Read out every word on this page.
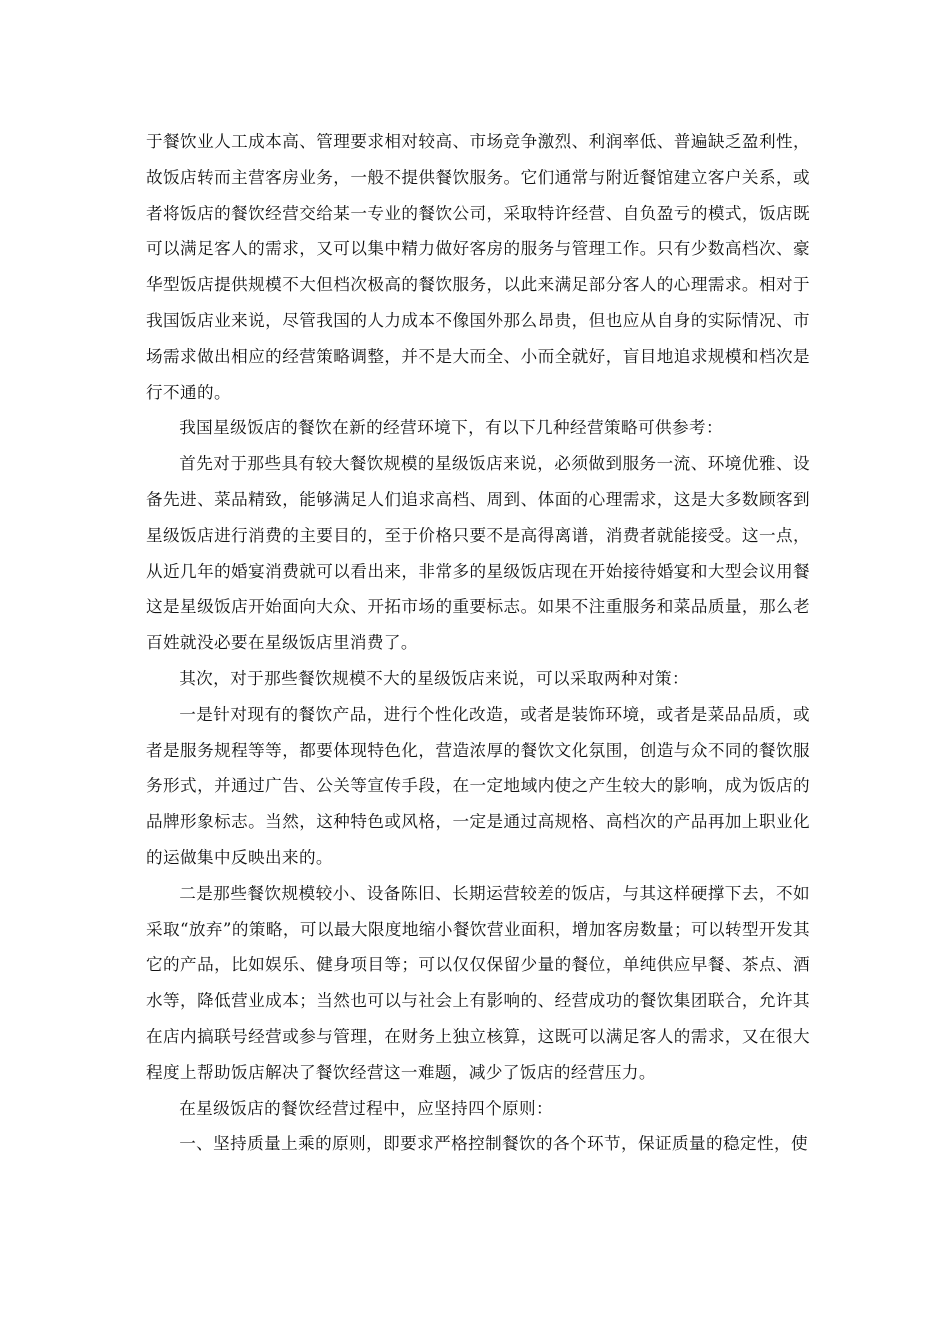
于餐饮业人工成本高、管理要求相对较高、市场竞争激烈、利润率低、普遍缺乏盈利性，故饭店转而主营客房业务，一般不提供餐饮服务。它们通常与附近餐馆建立客户关系，或者将饭店的餐饮经营交给某一专业的餐饮公司，采取特许经营、自负盈亏的模式，饭店既可以满足客人的需求，又可以集中精力做好客房的服务与管理工作。只有少数高档次、豪华型饭店提供规模不大但档次极高的餐饮服务，以此来满足部分客人的心理需求。相对于我国饭店业来说，尽管我国的人力成本不像国外那么昂贵，但也应从自身的实际情况、市场需求做出相应的经营策略调整，并不是大而全、小而全就好，盲目地追求规模和档次是行不通的。

我国星级饭店的餐饮在新的经营环境下，有以下几种经营策略可供参考：

首先对于那些具有较大餐饮规模的星级饭店来说，必须做到服务一流、环境优雅、设备先进、菜品精致，能够满足人们追求高档、周到、体面的心理需求，这是大多数顾客到星级饭店进行消费的主要目的，至于价格只要不是高得离谱，消费者就能接受。这一点，从近几年的婚宴消费就可以看出来，非常多的星级饭店现在开始接待婚宴和大型会议用餐这是星级饭店开始面向大众、开拓市场的重要标志。如果不注重服务和菜品质量，那么老百姓就没必要在星级饭店里消费了。

其次，对于那些餐饮规模不大的星级饭店来说，可以采取两种对策：

一是针对现有的餐饮产品，进行个性化改造，或者是装饰环境，或者是菜品品质，或者是服务规程等等，都要体现特色化，营造浓厚的餐饮文化氛围，创造与众不同的餐饮服务形式，并通过广告、公关等宣传手段，在一定地域内使之产生较大的影响，成为饭店的品牌形象标志。当然，这种特色或风格，一定是通过高规格、高档次的产品再加上职业化的运做集中反映出来的。

二是那些餐饮规模较小、设备陈旧、长期运营较差的饭店，与其这样硬撑下去，不如采取“放弃”的策略，可以最大限度地缩小餐饮营业面积，增加客房数量；可以转型开发其它的产品，比如娱乐、健身项目等；可以仅仅保留少量的餐位，单纯供应早餐、茶点、酒水等，降低营业成本；当然也可以与社会上有影响的、经营成功的餐饮集团联合，允许其在店内搞联号经营或参与管理，在财务上独立核算，这既可以满足客人的需求，又在很大程度上帮助饭店解决了餐饮经营这一难题，减少了饭店的经营压力。

在星级饭店的餐饮经营过程中，应坚持四个原则：

一、坚持质量上乘的原则，即要求严格控制餐饮的各个环节，保证质量的稳定性，使
